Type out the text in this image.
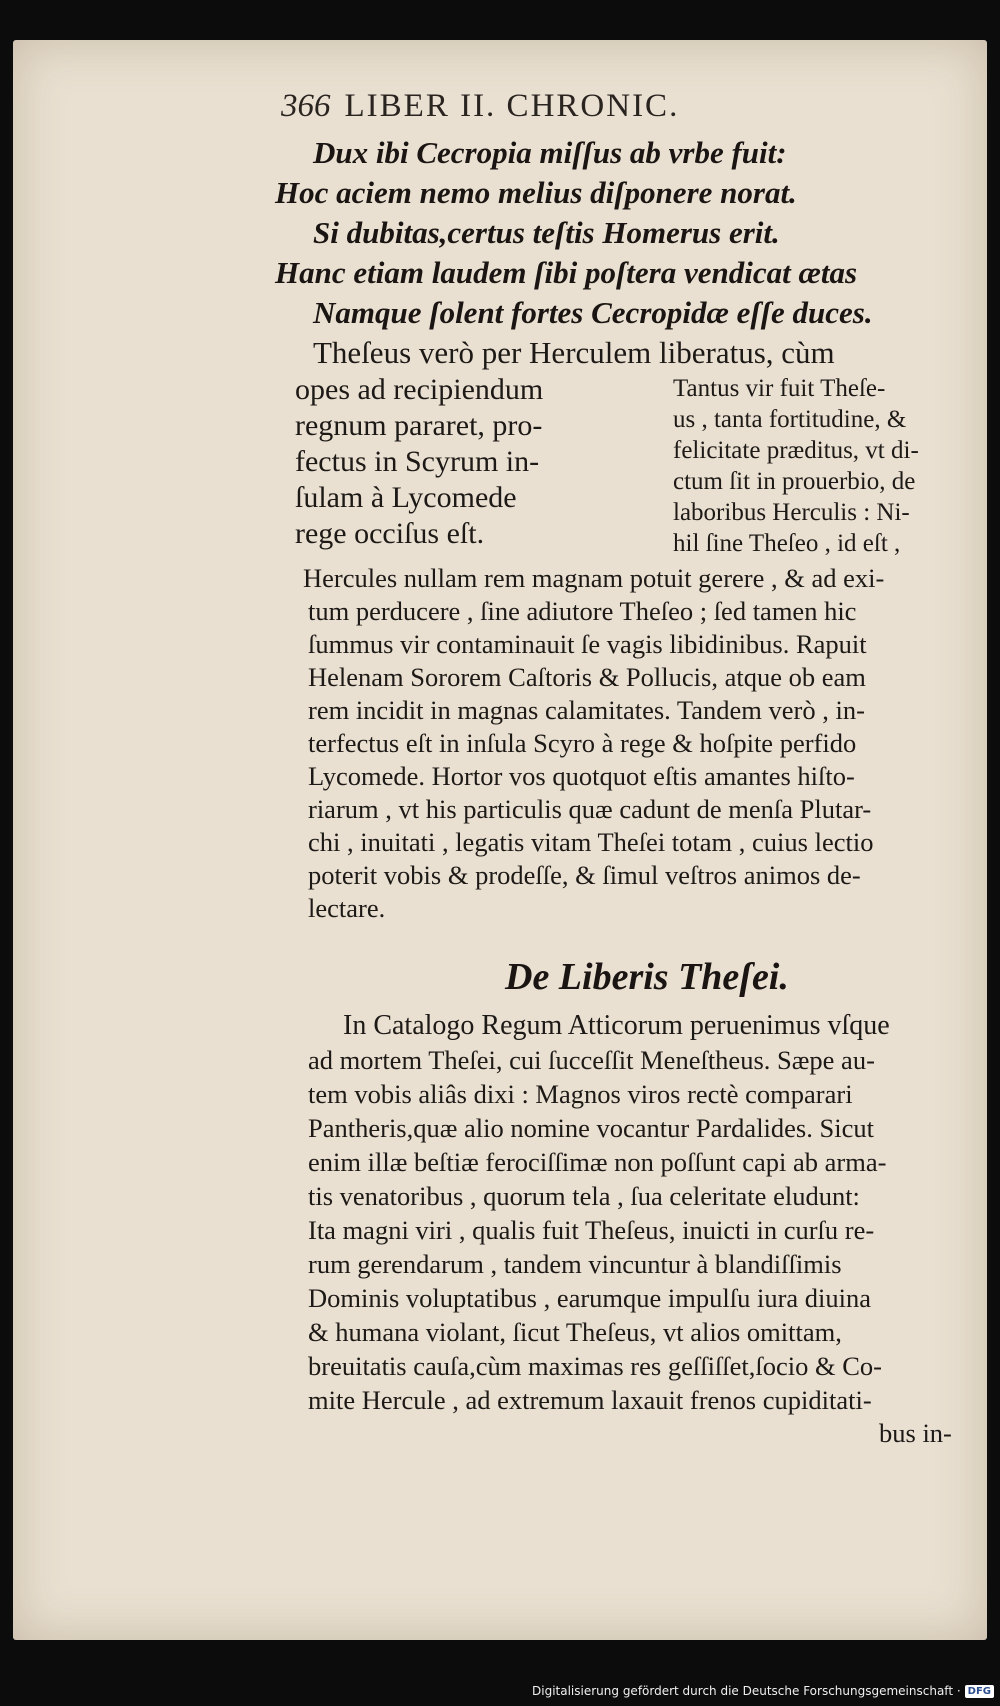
366 LIBER II. CHRONIC.

Dux ibi Cecropia miſſus ab vrbe fuit:

Hoc aciem nemo melius diſponere norat.

Si dubitas,certus teſtis Homerus erit.

Hanc etiam laudem ſibi poſtera vendicat ætas

Namque ſolent fortes Cecropidæ eſſe duces.

Theſeus verò per Herculem liberatus, cùm

opes ad recipiendum

regnum pararet, pro-

fectus in Scyrum in-

ſulam à Lycomede

rege occiſus eſt.

Tantus vir fuit Theſe-

us , tanta fortitudine, &

felicitate præditus, vt di-

ctum ſit in prouerbio, de

laboribus Herculis : Ni-

hil ſine Theſeo , id eſt ,

Hercules nullam rem magnam potuit gerere , & ad exi-

tum perducere , ſine adiutore Theſeo ; ſed tamen hic

ſummus vir contaminauit ſe vagis libidinibus. Rapuit

Helenam Sororem Caſtoris & Pollucis, atque ob eam

rem incidit in magnas calamitates. Tandem verò , in-

terfectus eſt in inſula Scyro à rege & hoſpite perfido

Lycomede. Hortor vos quotquot eſtis amantes hiſto-

riarum , vt his particulis quæ cadunt de menſa Plutar-

chi , inuitati , legatis vitam Theſei totam , cuius lectio

poterit vobis & prodeſſe, & ſimul veſtros animos de-

lectare.

De Liberis Theſei.

In Catalogo Regum Atticorum peruenimus vſque

ad mortem Theſei, cui ſucceſſit Meneſtheus. Sæpe au-

tem vobis aliâs dixi : Magnos viros rectè comparari

Pantheris,quæ alio nomine vocantur Pardalides. Sicut

enim illæ beſtiæ ferociſſimæ non poſſunt capi ab arma-

tis venatoribus , quorum tela , ſua celeritate eludunt:

Ita magni viri , qualis fuit Theſeus, inuicti in curſu re-

rum gerendarum , tandem vincuntur à blandiſſimis

Dominis voluptatibus , earumque impulſu iura diuina

& humana violant, ſicut Theſeus, vt alios omittam,

breuitatis cauſa,cùm maximas res geſſiſſet,ſocio & Co-

mite Hercule , ad extremum laxauit frenos cupiditati-

bus in-

Digitalisierung gefördert durch die Deutsche Forschungsgemeinschaft · DFG
